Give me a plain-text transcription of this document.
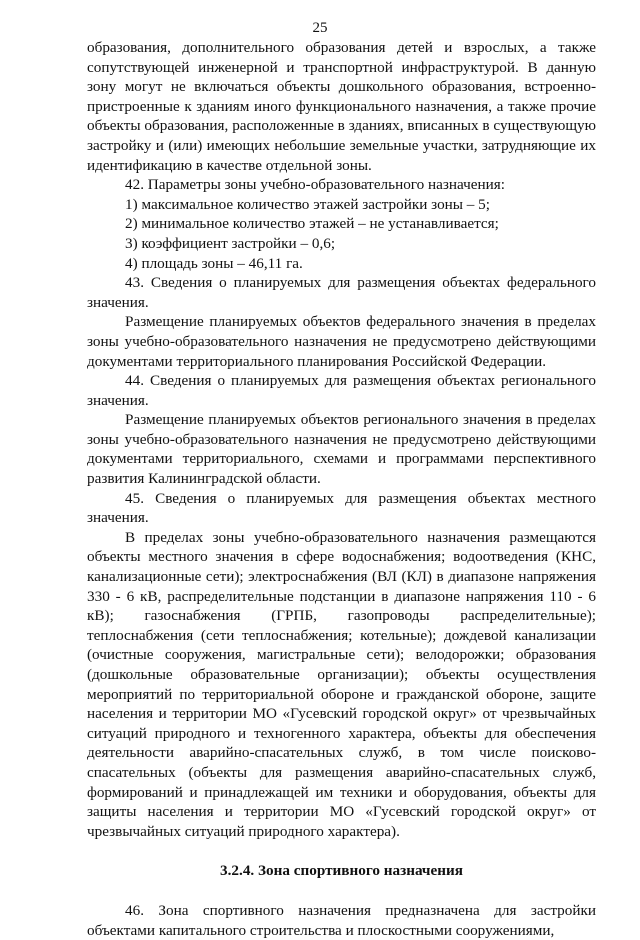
25

образования, дополнительного образования детей и взрослых, а также сопутствующей инженерной и транспортной инфраструктурой. В данную зону могут не включаться объекты дошкольного образования, встроенно-пристроенные к зданиям иного функционального назначения, а также прочие объекты образования, расположенные в зданиях, вписанных в существующую застройку и (или) имеющих небольшие земельные участки, затрудняющие их идентификацию в качестве отдельной зоны.

42. Параметры зоны учебно-образовательного назначения:

1) максимальное количество этажей застройки зоны – 5;
2) минимальное количество этажей – не устанавливается;
3) коэффициент застройки – 0,6;
4) площадь зоны – 46,11 га.

43. Сведения о планируемых для размещения объектах федерального значения.

Размещение планируемых объектов федерального значения в пределах зоны учебно-образовательного назначения не предусмотрено действующими документами территориального планирования Российской Федерации.

44. Сведения о планируемых для размещения объектах регионального значения.

Размещение планируемых объектов регионального значения в пределах зоны учебно-образовательного назначения не предусмотрено действующими документами территориального, схемами и программами перспективного развития Калининградской области.

45. Сведения о планируемых для размещения объектах местного значения.

В пределах зоны учебно-образовательного назначения размещаются объекты местного значения в сфере водоснабжения; водоотведения (КНС, канализационные сети); электроснабжения (ВЛ (КЛ) в диапазоне напряжения 330 - 6 кВ, распределительные подстанции в диапазоне напряжения 110 - 6 кВ); газоснабжения (ГРПБ, газопроводы распределительные); теплоснабжения (сети теплоснабжения; котельные); дождевой канализации (очистные сооружения, магистральные сети); велодорожки; образования (дошкольные образовательные организации); объекты осуществления мероприятий по территориальной обороне и гражданской обороне, защите населения и территории МО «Гусевский городской округ» от чрезвычайных ситуаций природного и техногенного характера, объекты для обеспечения деятельности аварийно-спасательных служб, в том числе поисково-спасательных (объекты для размещения аварийно-спасательных служб, формирований и принадлежащей им техники и оборудования, объекты для защиты населения и территории МО «Гусевский городской округ» от чрезвычайных ситуаций природного характера).

3.2.4. Зона спортивного назначения

46. Зона спортивного назначения предназначена для застройки объектами капитального строительства и плоскостными сооружениями,
